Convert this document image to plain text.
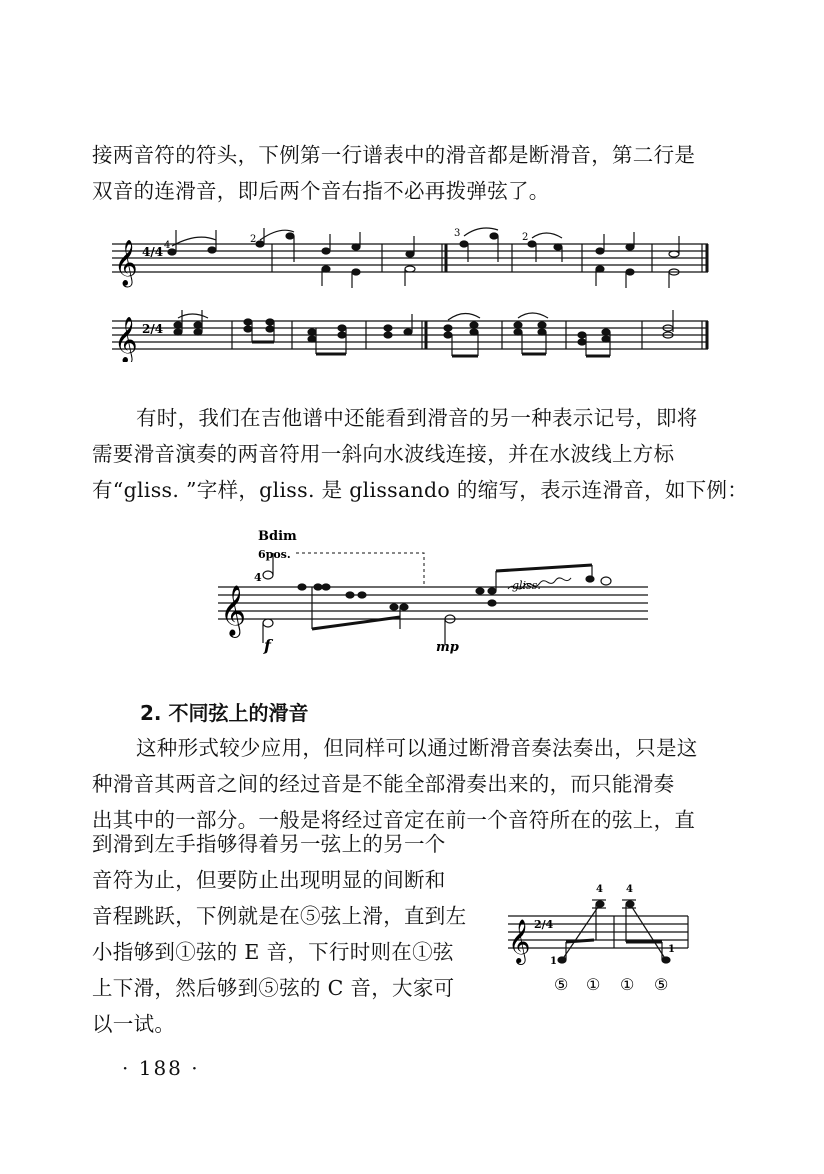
接两音符的符头，下例第一行谱表中的滑音都是断滑音，第二行是
双音的连滑音，即后两个音右指不必再拨弹弦了。

𝄞 4/4 4
2
3	2
𝄞 2/4

有时，我们在吉他谱中还能看到滑音的另一种表示记号，即将

需要滑音演奏的两音符用一斜向水波线连接，并在水波线上方标
有“gliss. ”字样，gliss. 是 glissando 的缩写，表示连滑音，如下例：

Bdim
6pos.
𝄞
4
gliss.
f	mp
2. 不同弦上的滑音

这种形式较少应用，但同样可以通过断滑音奏法奏出，只是这

种滑音其两音之间的经过音是不能全部滑奏出来的，而只能滑奏
出其中的一部分。一般是将经过音定在前一个音符所在的弦上，直

到滑到左手指够得着另一弦上的另一个
音符为止，但要防止出现明显的间断和
音程跳跃，下例就是在⑤弦上滑，直到左
小指够到①弦的 E 音，下行时则在①弦
上下滑，然后够到⑤弦的 C 音，大家可
以一试。

𝄞 2/4
1
4 4
1
⑤ ① ① ⑤
· 188 ·
